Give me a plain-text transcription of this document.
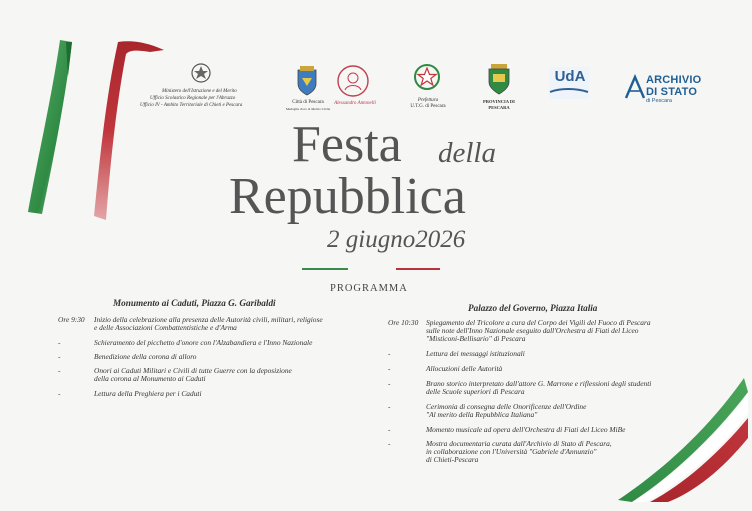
Ministero dell'Istruzione e del Merito
Ufficio Scolastico Regionale per l'Abruzzo
Ufficio IV - Ambito Territoriale di Chieti e Pescara
Città di Pescara
Medaglia d'oro al Merito Civile
Alessandro Antonelli
Prefettura
U.T.G. di Pescara
PROVINCIA DI PESCARA
UdA	ARCHIVIO
DI STATO
di Pescara
Festa della
Repubblica
2 giugno2026
PROGRAMMA
Monumento ai Caduti, Piazza G. Garibaldi
Ore 9:30	Inizio della celebrazione alla presenza delle Autorità civili, militari, religiose
e delle Associazioni Combattentistiche e d'Arma
-	Schieramento del picchetto d'onore con l'Alzabandiera e l'Inno Nazionale
-	Benedizione della corona di alloro
-	Onori ai Caduti Militari e Civili di tutte Guerre con la deposizione
della corona al Monumento ai Caduti
-	Lettura della Preghiera per i Caduti
Palazzo del Governo, Piazza Italia
Ore 10:30	Spiegamento del Tricolore a cura del Corpo dei Vigili del Fuoco di Pescara
sulle note dell'Inno Nazionale eseguito dall'Orchestra di Fiati del Liceo
"Misticoni-Bellisario" di Pescara
-	Lettura dei messaggi istituzionali
-	Allocuzioni delle Autorità
-	Brano storico interpretato dall'attore G. Marrone e riflessioni degli studenti
delle Scuole superiori di Pescara
-	Cerimonia di consegna delle Onorificenze dell'Ordine
"Al merito della Repubblica Italiana"
-	Momento musicale ad opera dell'Orchestra di Fiati del Liceo MiBe
-	Mostra documentaria curata dall'Archivio di Stato di Pescara,
in collaborazione con l'Università "Gabriele d'Annunzio"
di Chieti-Pescara
